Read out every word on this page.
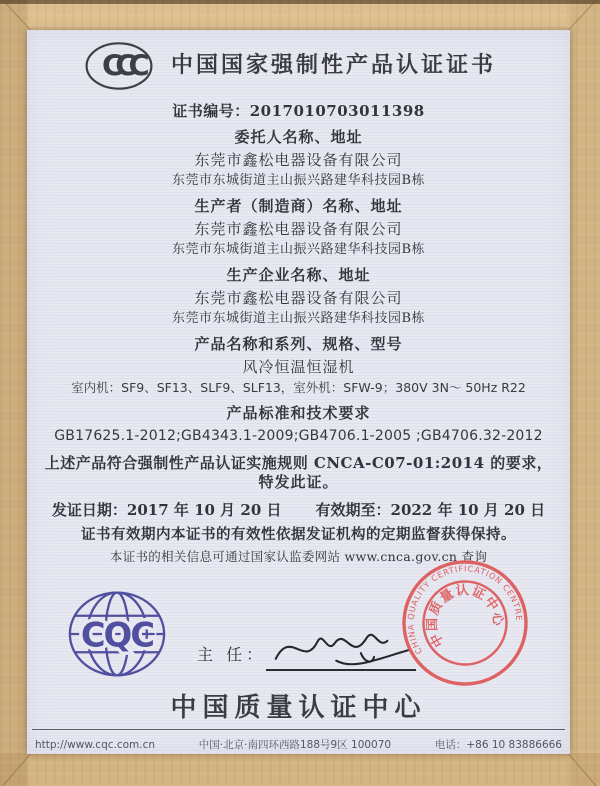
CCC	中国国家强制性产品认证证书
证书编号：2017010703011398
委托人名称、地址
东莞市鑫松电器设备有限公司
东莞市东城街道主山振兴路建华科技园B栋
生产者（制造商）名称、地址
东莞市鑫松电器设备有限公司
东莞市东城街道主山振兴路建华科技园B栋
生产企业名称、地址
东莞市鑫松电器设备有限公司
东莞市东城街道主山振兴路建华科技园B栋
产品名称和系列、规格、型号
风冷恒温恒湿机
室内机：SF9、SF13、SLF9、SLF13，室外机：SFW-9；380V 3N～ 50Hz R22
产品标准和技术要求
GB17625.1-2012;GB4343.1-2009;GB4706.1-2005 ;GB4706.32-2012
上述产品符合强制性产品认证实施规则 CNCA-C07-01:2014 的要求，
特发此证。
发证日期：2017 年 10 月 20 日 有效期至：2022 年 10 月 20 日
证书有效期内本证书的有效性依据发证机构的定期监督获得保持。
本证书的相关信息可通过国家认监委网站 www.cnca.gov.cn 查询
CQC	主 任：	CHINA QUALITY CERTIFICATION CENTRE
中国质量认证中心
中国质量认证中心
http://www.cqc.com.cn	中国·北京·南四环西路188号9区 100070	电话：+86 10 83886666
